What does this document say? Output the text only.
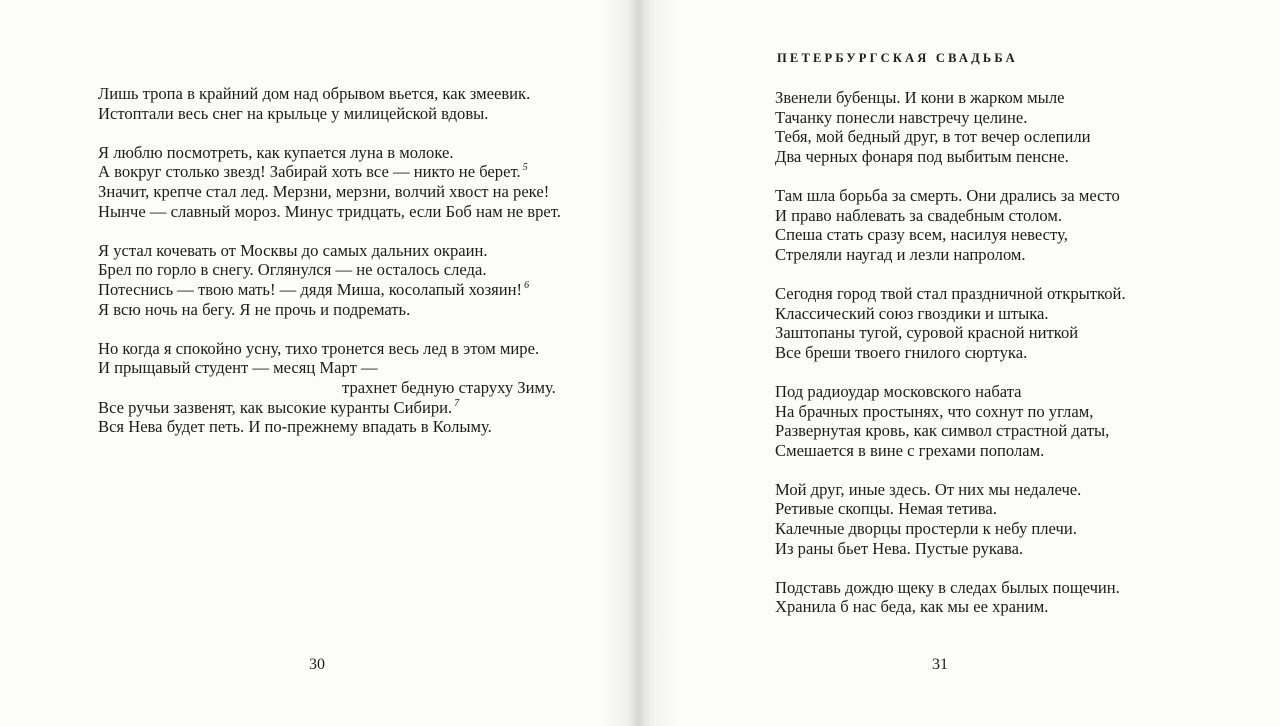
Лишь тропа в крайний дом над обрывом вьется, как змеевик.
Истоптали весь снег на крыльце у милицейской вдовы.
Я люблю посмотреть, как купается луна в молоке.
А вокруг столько звезд! Забирай хоть все — никто не берет. $^5$
Значит, крепче стал лед. Мерзни, мерзни, волчий хвост на реке!
Нынче — славный мороз. Минус тридцать, если Боб нам не врет.
Я устал кочевать от Москвы до самых дальних окраин.
Брел по горло в снегу. Оглянулся — не осталось следа.
Потеснись — твою мать! — дядя Миша, косолапый хозяин! $^6$
Я всю ночь на бегу. Я не прочь и подремать.
Но когда я спокойно усну, тихо тронется весь лед в этом мире.
И прыщавый студент — месяц Март —
трахнет бедную старуху Зиму.
Все ручьи зазвенят, как высокие куранты Сибири. $^7$
Вся Нева будет петь. И по-прежнему впадать в Колыму.
ПЕТЕРБУРГСКАЯ СВАДЬБА
Звенели бубенцы. И кони в жарком мыле
Тачанку понесли навстречу целине.
Тебя, мой бедный друг, в тот вечер ослепили
Два черных фонаря под выбитым пенсне.
Там шла борьба за смерть. Они дрались за место
И право наблевать за свадебным столом.
Спеша стать сразу всем, насилуя невесту,
Стреляли наугад и лезли напролом.
Сегодня город твой стал праздничной открыткой.
Классический союз гвоздики и штыка.
Заштопаны тугой, суровой красной ниткой
Все бреши твоего гнилого сюртука.
Под радиоудар московского набата
На брачных простынях, что сохнут по углам,
Развернутая кровь, как символ страстной даты,
Смешается в вине с грехами пополам.
Мой друг, иные здесь. От них мы недалече.
Ретивые скопцы. Немая тетива.
Калечные дворцы простерли к небу плечи.
Из раны бьет Нева. Пустые рукава.
Подставь дождю щеку в следах былых пощечин.
Хранила б нас беда, как мы ее храним.
30	31
